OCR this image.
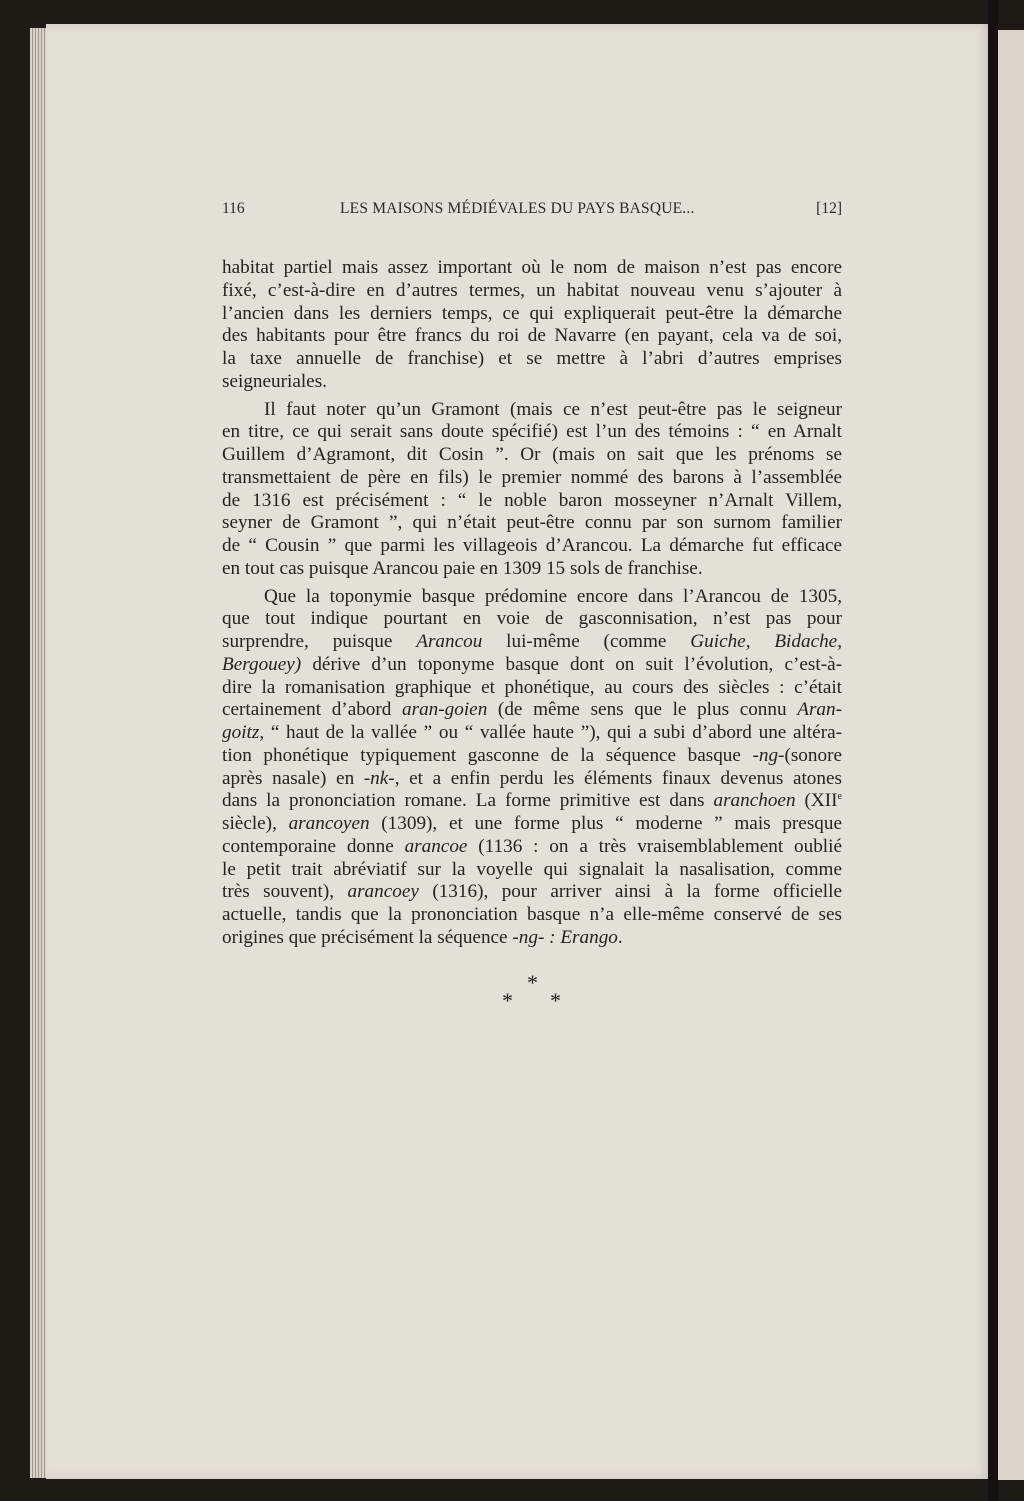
116	LES MAISONS MÉDIÉVALES DU PAYS BASQUE...	[12]
habitat partiel mais assez important où le nom de maison n’est pas encore
fixé, c’est-à-dire en d’autres termes, un habitat nouveau venu s’ajouter à
l’ancien dans les derniers temps, ce qui expliquerait peut-être la démarche
des habitants pour être francs du roi de Navarre (en payant, cela va de soi,
la taxe annuelle de franchise) et se mettre à l’abri d’autres emprises
seigneuriales.
Il faut noter qu’un Gramont (mais ce n’est peut-être pas le seigneur
en titre, ce qui serait sans doute spécifié) est l’un des témoins : “ en Arnalt
Guillem d’Agramont, dit Cosin ”. Or (mais on sait que les prénoms se
transmettaient de père en fils) le premier nommé des barons à l’assemblée
de 1316 est précisément : “ le noble baron mosseyner n’Arnalt Villem,
seyner de Gramont ”, qui n’était peut-être connu par son surnom familier
de “ Cousin ” que parmi les villageois d’Arancou. La démarche fut efficace
en tout cas puisque Arancou paie en 1309 15 sols de franchise.
Que la toponymie basque prédomine encore dans l’Arancou de 1305,
que tout indique pourtant en voie de gasconnisation, n’est pas pour
surprendre, puisque Arancou lui-même (comme Guiche, Bidache,
Bergouey) dérive d’un toponyme basque dont on suit l’évolution, c’est-à-
dire la romanisation graphique et phonétique, au cours des siècles : c’était
certainement d’abord aran-goien (de même sens que le plus connu Aran-
goitz, “ haut de la vallée ” ou “ vallée haute ”), qui a subi d’abord une altéra-
tion phonétique typiquement gasconne de la séquence basque -ng-(sonore
après nasale) en -nk-, et a enfin perdu les éléments finaux devenus atones
dans la prononciation romane. La forme primitive est dans aranchoen (XIIe
siècle), arancoyen (1309), et une forme plus “ moderne ” mais presque
contemporaine donne arancoe (1136 : on a très vraisemblablement oublié
le petit trait abréviatif sur la voyelle qui signalait la nasalisation, comme
très souvent), arancoey (1316), pour arriver ainsi à la forme officielle
actuelle, tandis que la prononciation basque n’a elle-même conservé de ses
origines que précisément la séquence -ng- : Erango.
*
* *
